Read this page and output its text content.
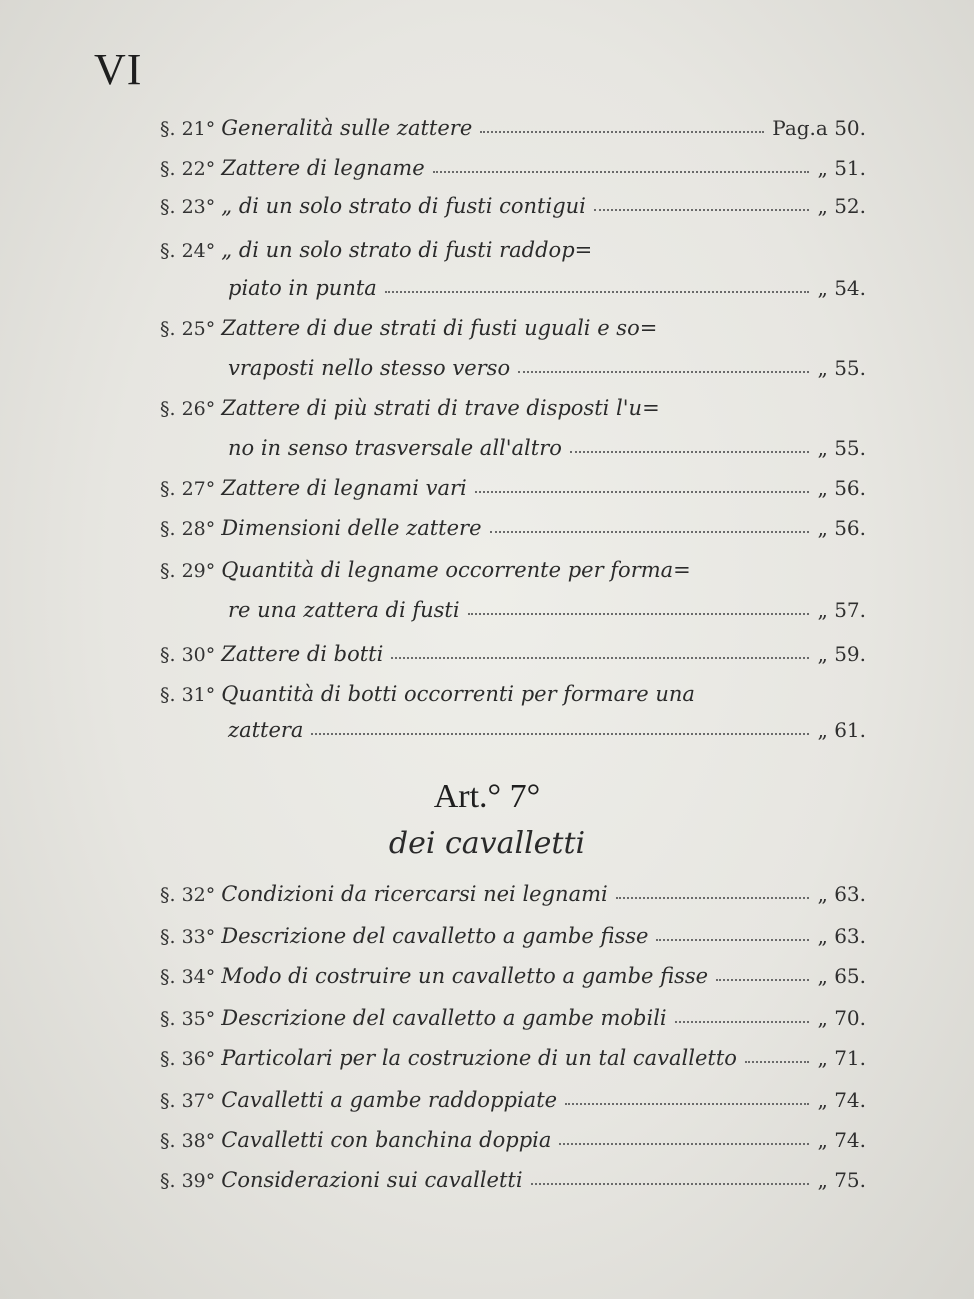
VI
§. 21° Generalità sulle zattere	Pag.a 50.
§. 22° Zattere di legname	„ 51.
§. 23° „ di un solo strato di fusti contigui	„ 52.
§. 24° „ di un solo strato di fusti raddop=
piato in punta	„ 54.
§. 25° Zattere di due strati di fusti uguali e so=
vraposti nello stesso verso	„ 55.
§. 26° Zattere di più strati di trave disposti l'u=
no in senso trasversale all'altro	„ 55.
§. 27° Zattere di legnami vari	„ 56.
§. 28° Dimensioni delle zattere	„ 56.
§. 29° Quantità di legname occorrente per forma=
re una zattera di fusti	„ 57.
§. 30° Zattere di botti	„ 59.
§. 31° Quantità di botti occorrenti per formare una
zattera	„ 61.
Art.° 7°
dei cavalletti
§. 32° Condizioni da ricercarsi nei legnami	„ 63.
§. 33° Descrizione del cavalletto a gambe fisse	„ 63.
§. 34° Modo di costruire un cavalletto a gambe fisse	„ 65.
§. 35° Descrizione del cavalletto a gambe mobili	„ 70.
§. 36° Particolari per la costruzione di un tal cavalletto	„ 71.
§. 37° Cavalletti a gambe raddoppiate	„ 74.
§. 38° Cavalletti con banchina doppia	„ 74.
§. 39° Considerazioni sui cavalletti	„ 75.
